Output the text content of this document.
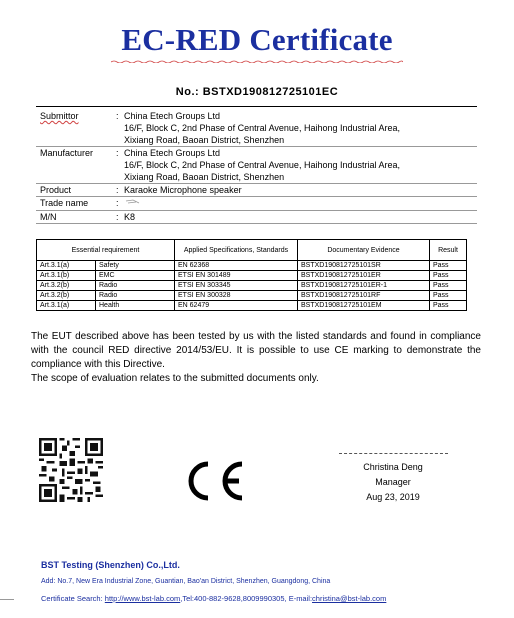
EC-RED Certificate
No.: BSTXD190812725101EC
Submittor	:	China Etech Groups Ltd
16/F, Block C, 2nd Phase of Central Avenue, Haihong Industrial Area,
Xixiang Road, Baoan District, Shenzhen

Manufacturer	:	China Etech Groups Ltd
16/F, Block C, 2nd Phase of Central Avenue, Haihong Industrial Area,
Xixiang Road, Baoan District, Shenzhen

Product	:	Karaoke Microphone speaker
Trade name	:	
M/N	:	K8
Essential requirement		Applied Specifications, Standards	Documentary Evidence	Result
Art.3.1(a)	Safety	EN 62368	BSTXD190812725101SR	Pass
Art.3.1(b)	EMC	ETSI EN 301489	BSTXD190812725101ER	Pass
Art.3.2(b)	Radio	ETSI EN 303345	BSTXD190812725101ER-1	Pass
Art.3.2(b)	Radio	ETSI EN 300328	BSTXD190812725101RF	Pass
Art.3.1(a)	Health	EN 62479	BSTXD190812725101EM	Pass

The EUT described above has been tested by us with the listed standards and found in compliance with the council RED directive 2014/53/EU. It is possible to use CE marking to demonstrate the compliance with this Directive.

The scope of evaluation relates to the submitted documents only.

Christina Deng
Manager
Aug 23, 2019
BST Testing (Shenzhen) Co.,Ltd.
Add: No.7, New Era Industrial Zone, Guantian, Bao'an District, Shenzhen, Guangdong, China
Certificate Search: http://www.bst-lab.com,Tel:400-882-9628,8009990305, E-mail:christina@bst-lab.com
